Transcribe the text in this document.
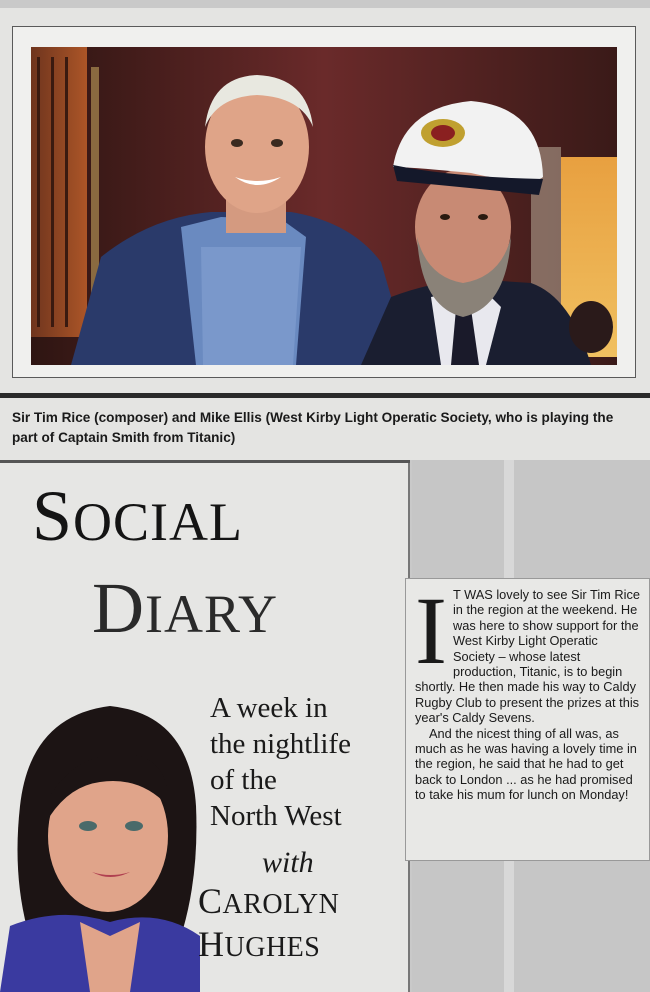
Sir Tim Rice (composer) and Mike Ellis (West Kirby Light Operatic Society, who is playing the part of Captain Smith from Titanic)
SOCIAL
DIARY
A week in
the nightlife
of the
North West
with
CAROLYN
HUGHES
I T WAS lovely to see Sir Tim Rice in the region at the weekend. He was here to show support for the West Kirby Light Operatic Society – whose latest production, Titanic, is to begin shortly. He then made his way to Caldy Rugby Club to present the prizes at this year's Caldy Sevens.

And the nicest thing of all was, as much as he was having a lovely time in the region, he said that he had to get back to London ... as he had promised to take his mum for lunch on Monday!
